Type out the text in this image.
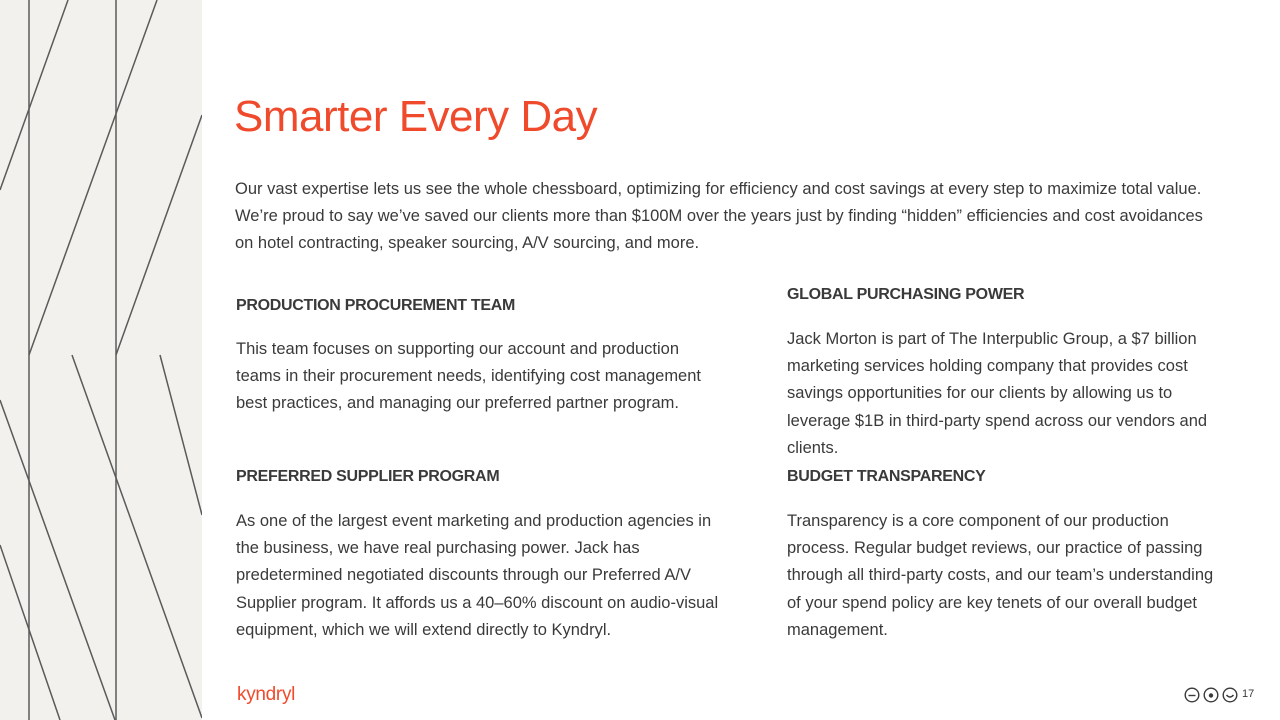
Smarter Every Day

Our vast expertise lets us see the whole chessboard, optimizing for efficiency and cost savings at every step to maximize total value. We’re proud to say we’ve saved our clients more than $100M over the years just by finding “hidden” efficiencies and cost avoidances on hotel contracting, speaker sourcing, A/V sourcing, and more.

PRODUCTION PROCUREMENT TEAM

This team focuses on supporting our account and production teams in their procurement needs, identifying cost management best practices, and managing our preferred partner program.

GLOBAL PURCHASING POWER

Jack Morton is part of The Interpublic Group, a $7 billion marketing services holding company that provides cost savings opportunities for our clients by allowing us to leverage $1B in third-party spend across our vendors and clients.

PREFERRED SUPPLIER PROGRAM

As one of the largest event marketing and production agencies in the business, we have real purchasing power. Jack has predetermined negotiated discounts through our Preferred A/V Supplier program. It affords us a 40–60% discount on audio-visual equipment, which we will extend directly to Kyndryl.

BUDGET TRANSPARENCY

Transparency is a core component of our production process. Regular budget reviews, our practice of passing through all third-party costs, and our team’s understanding of your spend policy are key tenets of our overall budget management.

kyndryl	17
